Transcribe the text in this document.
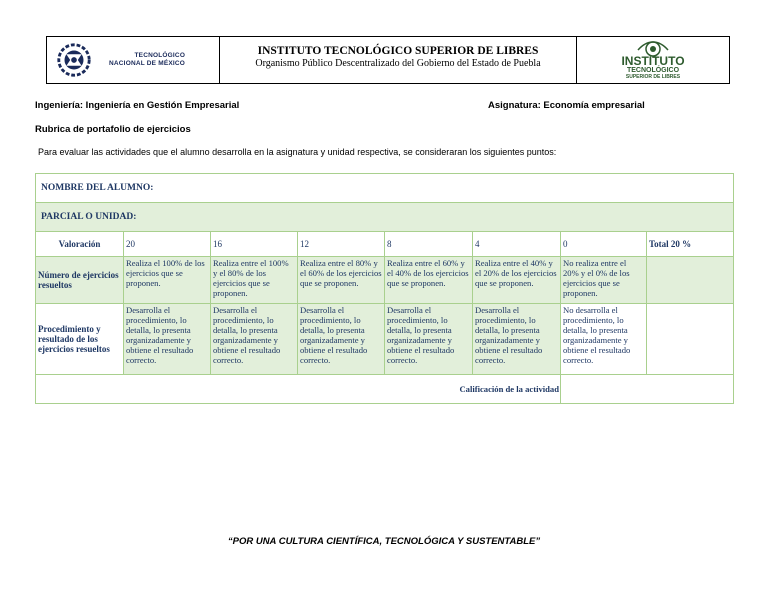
TECNOLÓGICO
NACIONAL DE MÉXICO
INSTITUTO TECNOLÓGICO SUPERIOR DE LIBRES
Organismo Público Descentralizado del Gobierno del Estado de Puebla	INSTITUTO
TECNOLÓGICO
SUPERIOR DE LIBRES
Ingeniería: Ingeniería en Gestión Empresarial	Asignatura: Economía empresarial
Rubrica de portafolio de ejercicios
Para evaluar las actividades que el alumno desarrolla en la asignatura y unidad respectiva, se consideraran los siguientes puntos:
NOMBRE DEL ALUMNO:							
PARCIAL O UNIDAD:							
Valoración	20	16	12	8	4	0	Total 20 %
Número de ejercicios resueltos	Realiza el 100% de los ejercicios que se proponen.	Realiza entre el 100% y el 80% de los ejercicios que se proponen.	Realiza entre el 80% y el 60% de los ejercicios que se proponen.	Realiza entre el 60% y el 40% de los ejercicios que se proponen.	Realiza entre el 40% y el 20% de los ejercicios que se proponen.	No realiza entre el 20% y el 0% de los ejercicios que se proponen.	
Procedimiento y resultado de los ejercicios resueltos	Desarrolla el procedimiento, lo detalla, lo presenta organizadamente y obtiene el resultado correcto.	Desarrolla el procedimiento, lo detalla, lo presenta organizadamente y obtiene el resultado correcto.	Desarrolla el procedimiento, lo detalla, lo presenta organizadamente y obtiene el resultado correcto.	Desarrolla el procedimiento, lo detalla, lo presenta organizadamente y obtiene el resultado correcto.	Desarrolla el procedimiento, lo detalla, lo presenta organizadamente y obtiene el resultado correcto.	No desarrolla el procedimiento, lo detalla, lo presenta organizadamente y obtiene el resultado correcto.	
Calificación de la actividad							
“POR UNA CULTURA CIENTÍFICA, TECNOLÓGICA Y SUSTENTABLE”
